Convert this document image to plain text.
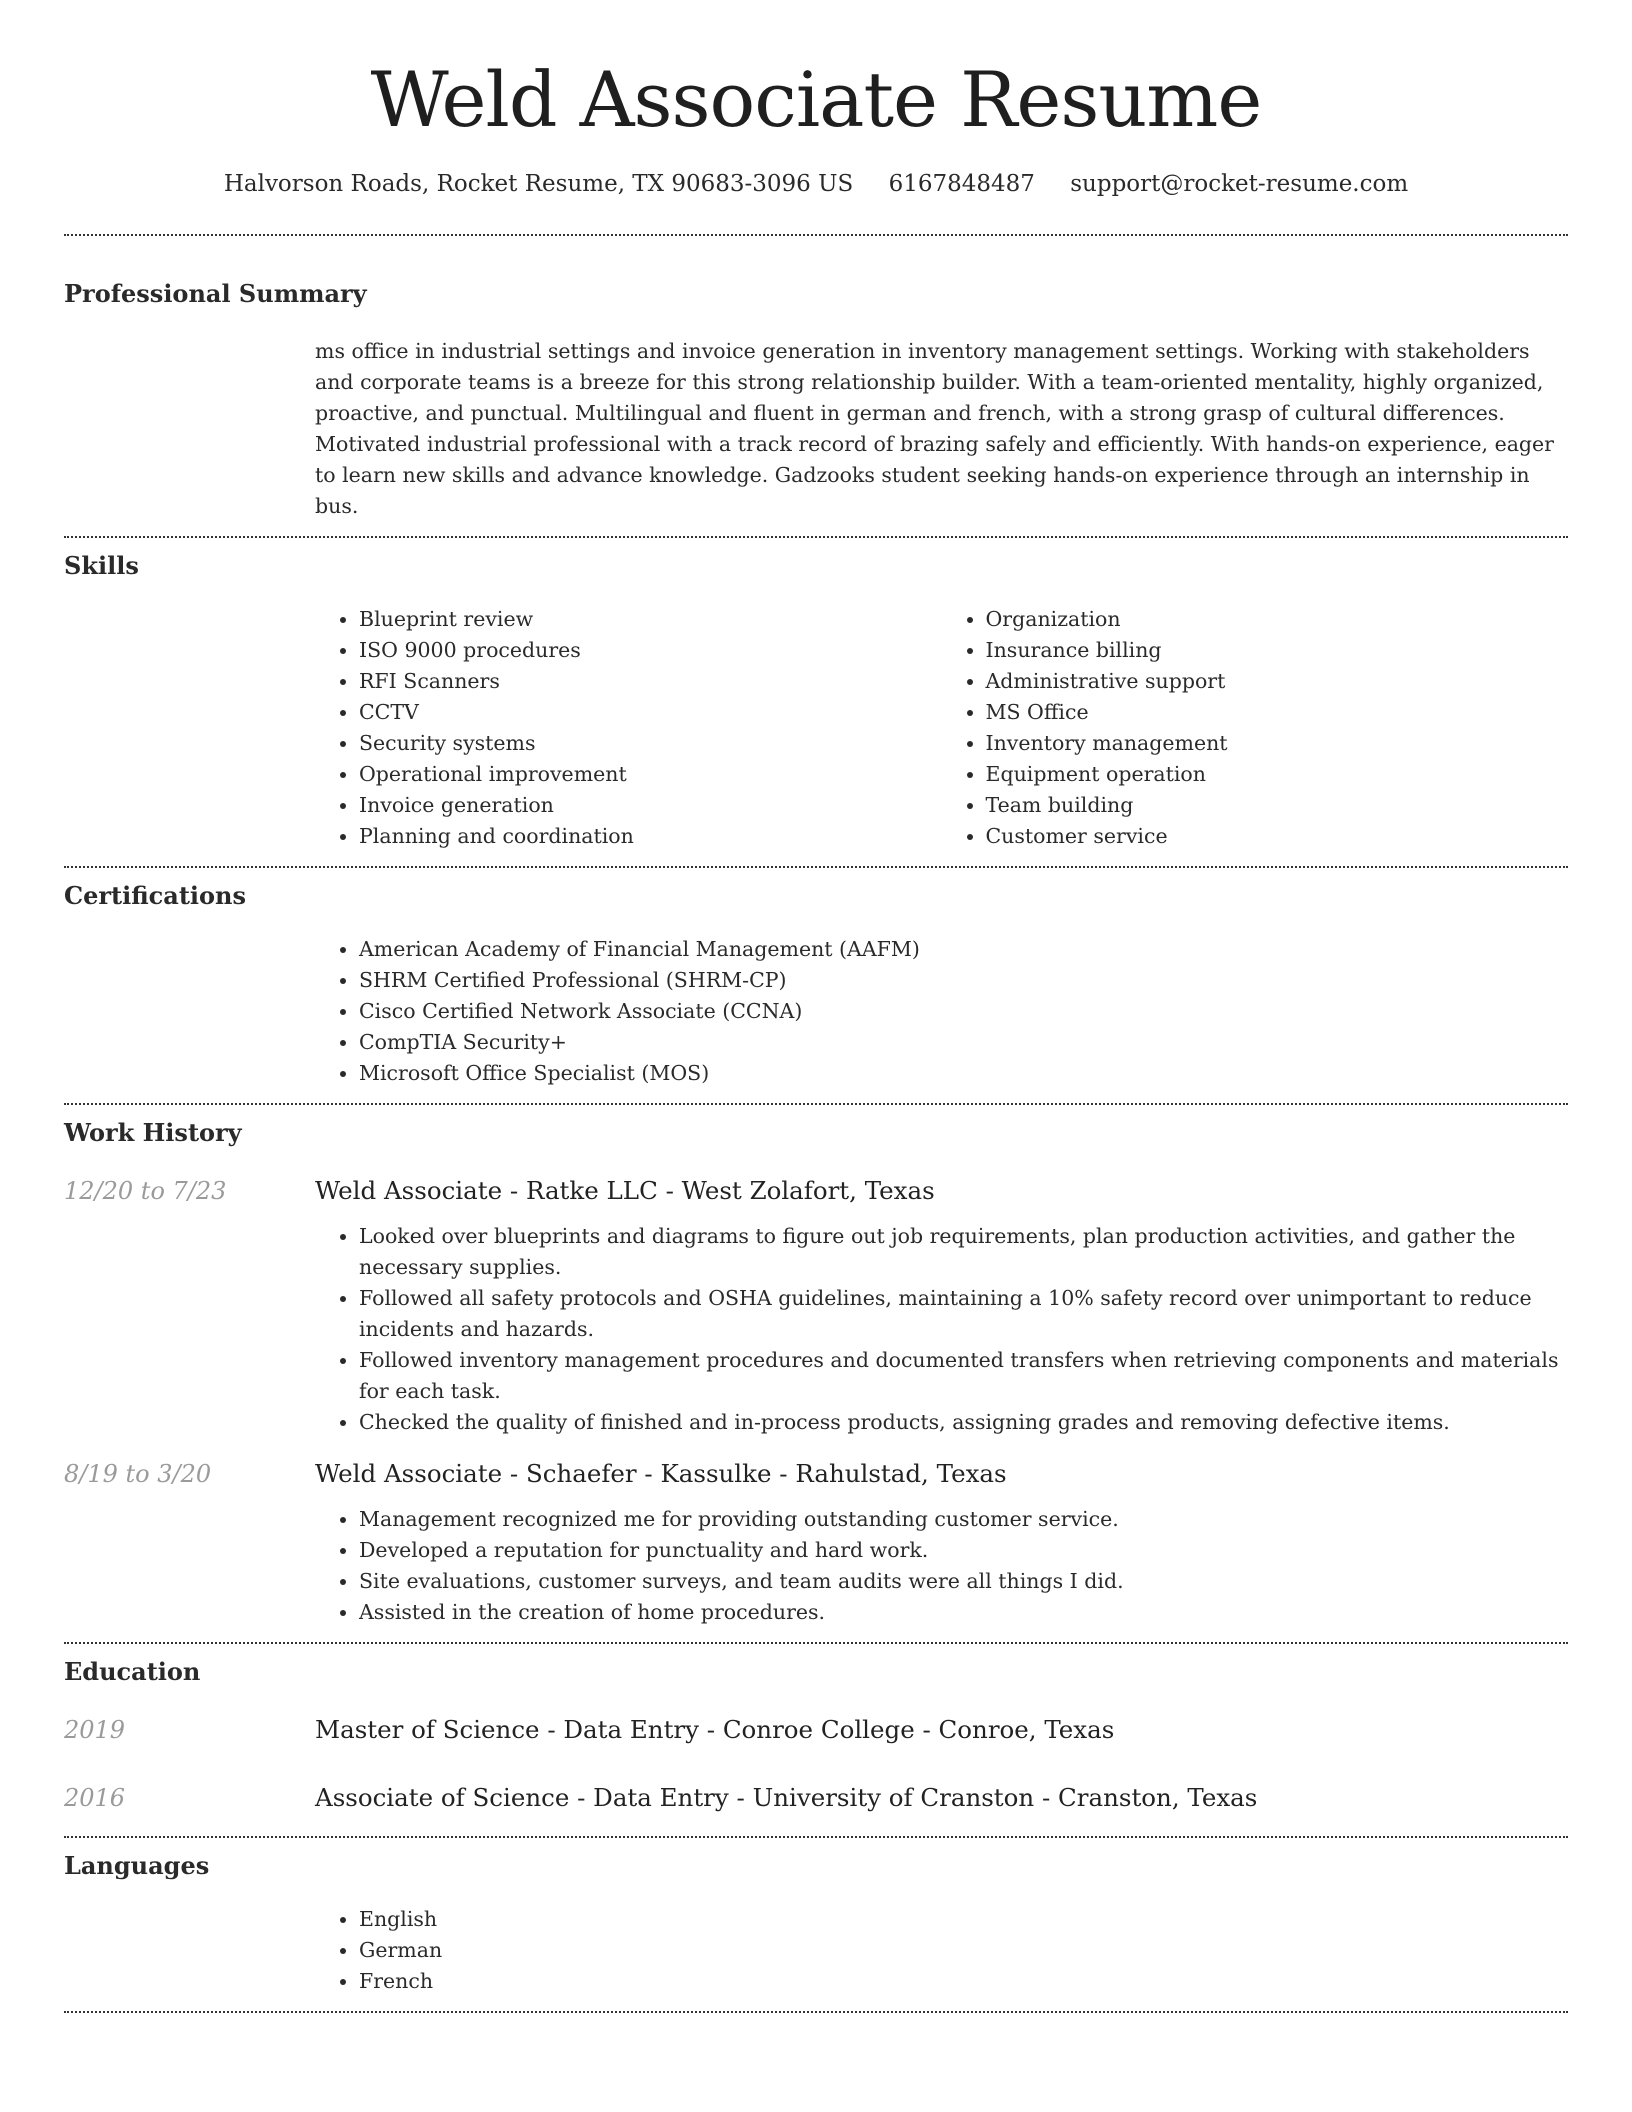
Weld Associate Resume
Halvorson Roads, Rocket Resume, TX 90683-3096 US 6167848487 support@rocket-resume.com
Professional Summary
ms office in industrial settings and invoice generation in inventory management settings. Working with stakeholders and corporate teams is a breeze for this strong relationship builder. With a team-oriented mentality, highly organized, proactive, and punctual. Multilingual and fluent in german and french, with a strong grasp of cultural differences. Motivated industrial professional with a track record of brazing safely and efficiently. With hands-on experience, eager to learn new skills and advance knowledge. Gadzooks student seeking hands-on experience through an internship in bus.
Skills
• Blueprint review
• ISO 9000 procedures
• RFI Scanners
• CCTV
• Security systems
• Operational improvement
• Invoice generation
• Planning and coordination
• Organization
• Insurance billing
• Administrative support
• MS Office
• Inventory management
• Equipment operation
• Team building
• Customer service
Certifications
• American Academy of Financial Management (AAFM)
• SHRM Certified Professional (SHRM-CP)
• Cisco Certified Network Associate (CCNA)
• CompTIA Security+
• Microsoft Office Specialist (MOS)
Work History
12/20 to 7/23	Weld Associate - Ratke LLC - West Zolafort, Texas
• Looked over blueprints and diagrams to figure out job requirements, plan production activities, and gather the necessary supplies.
• Followed all safety protocols and OSHA guidelines, maintaining a 10% safety record over unimportant to reduce incidents and hazards.
• Followed inventory management procedures and documented transfers when retrieving components and materials for each task.
• Checked the quality of finished and in-process products, assigning grades and removing defective items.
8/19 to 3/20	Weld Associate - Schaefer - Kassulke - Rahulstad, Texas
• Management recognized me for providing outstanding customer service.
• Developed a reputation for punctuality and hard work.
• Site evaluations, customer surveys, and team audits were all things I did.
• Assisted in the creation of home procedures.
Education
2019	Master of Science - Data Entry - Conroe College - Conroe, Texas
2016	Associate of Science - Data Entry - University of Cranston - Cranston, Texas
Languages
• English
• German
• French
